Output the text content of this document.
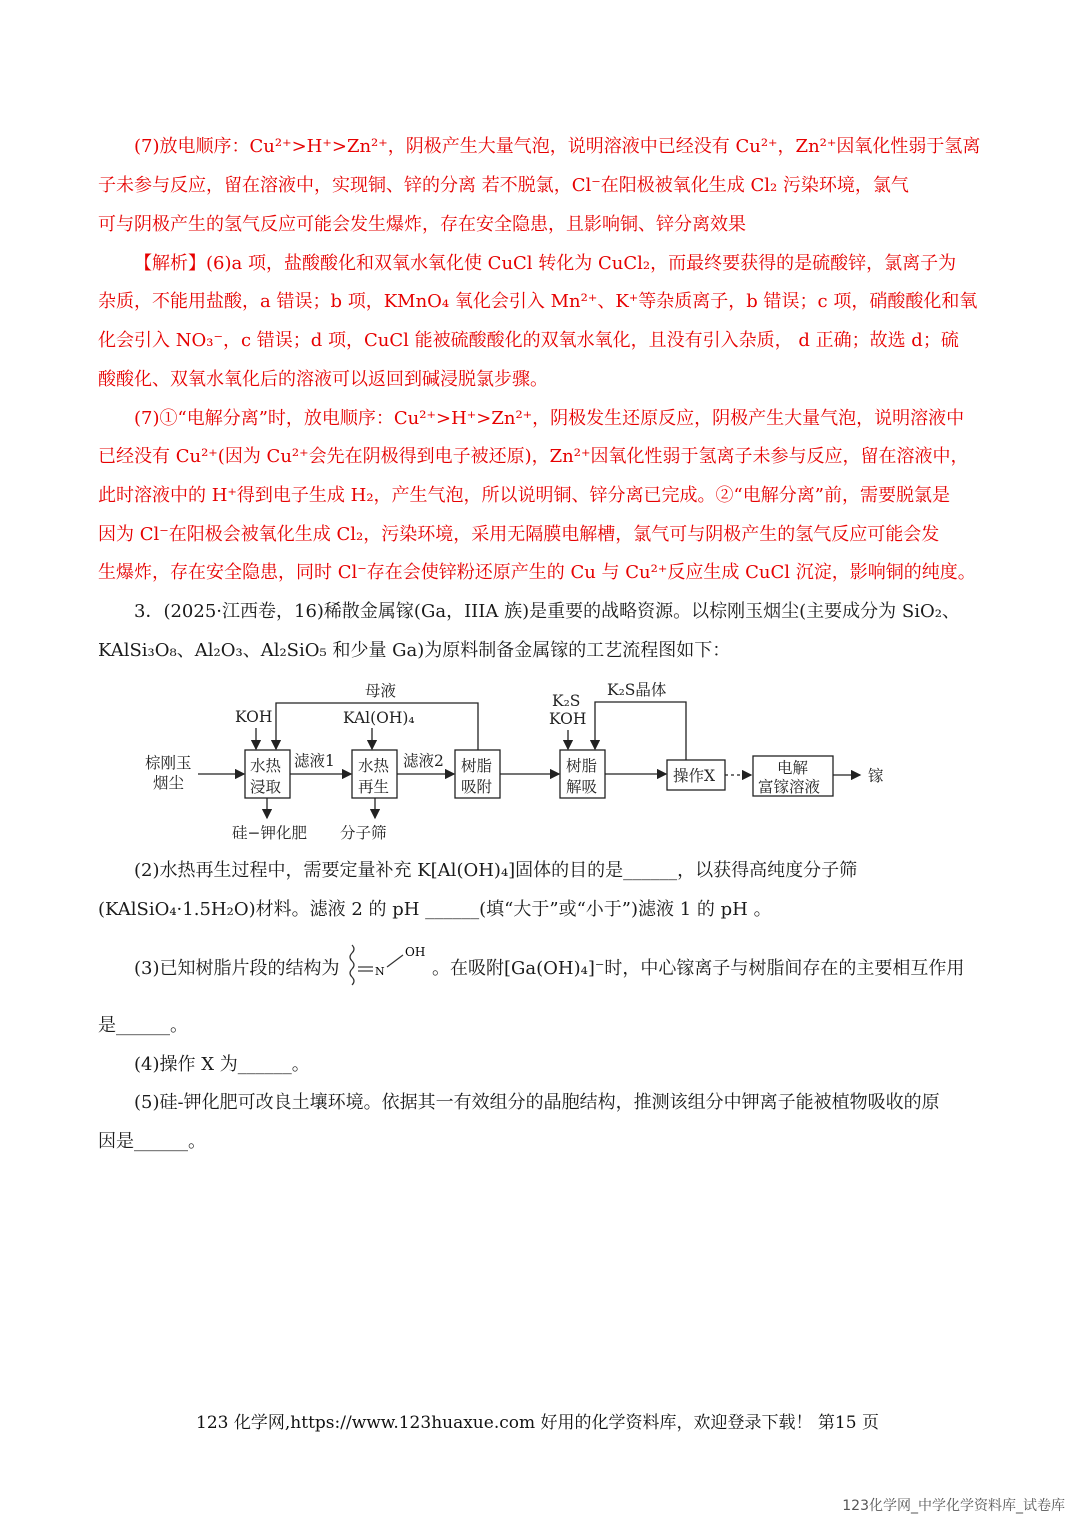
(7)放电顺序：Cu²⁺>H⁺>Zn²⁺，阴极产生大量气泡，说明溶液中已经没有 Cu²⁺，Zn²⁺因氧化性弱于氢离
子未参与反应，留在溶液中，实现铜、锌的分离 若不脱氯，Cl⁻在阳极被氧化生成 Cl₂ 污染环境，氯气
可与阴极产生的氢气反应可能会发生爆炸，存在安全隐患，且影响铜、锌分离效果
【解析】(6)a 项，盐酸酸化和双氧水氧化使 CuCl 转化为 CuCl₂，而最终要获得的是硫酸锌，氯离子为
杂质，不能用盐酸，a 错误；b 项，KMnO₄ 氧化会引入 Mn²⁺、K⁺等杂质离子，b 错误；c 项，硝酸酸化和氧
化会引入 NO₃⁻，c 错误；d 项，CuCl 能被硫酸酸化的双氧水氧化，且没有引入杂质， d 正确；故选 d；硫
酸酸化、双氧水氧化后的溶液可以返回到碱浸脱氯步骤。
(7)①“电解分离”时，放电顺序：Cu²⁺>H⁺>Zn²⁺，阴极发生还原反应，阴极产生大量气泡，说明溶液中
已经没有 Cu²⁺(因为 Cu²⁺会先在阴极得到电子被还原)，Zn²⁺因氧化性弱于氢离子未参与反应，留在溶液中，
此时溶液中的 H⁺得到电子生成 H₂，产生气泡，所以说明铜、锌分离已完成。②“电解分离”前，需要脱氯是
因为 Cl⁻在阳极会被氧化生成 Cl₂，污染环境，采用无隔膜电解槽，氯气可与阴极产生的氢气反应可能会发
生爆炸，存在安全隐患，同时 Cl⁻存在会使锌粉还原产生的 Cu 与 Cu²⁺反应生成 CuCl 沉淀，影响铜的纯度。
3．(2025·江西卷，16)稀散金属镓(Ga，IIIA 族)是重要的战略资源。以棕刚玉烟尘(主要成分为 SiO₂、
KAlSi₃O₈、Al₂O₃、Al₂SiO₅ 和少量 Ga)为原料制备金属镓的工艺流程图如下：
棕刚玉
烟尘
KOH
母液
KAl(OH)₄
K₂S
KOH
K₂S晶体
水热
浸取
滤液1 水热
再生
滤液2 树脂
吸附
树脂
解吸
操作X	电解
富镓溶液
镓
硅−钾化肥 分子筛
(2)水热再生过程中，需要定量补充 K[Al(OH)₄]固体的目的是______，以获得高纯度分子筛
(KAlSiO₄·1.5H₂O)材料。滤液 2 的 pH ______(填“大于”或“小于”)滤液 1 的 pH 。
(3)已知树脂片段的结构为	N
OH
。在吸附[Ga(OH)₄]⁻时，中心镓离子与树脂间存在的主要相互作用
是______。
(4)操作 X 为______。
(5)硅-钾化肥可改良土壤环境。依据其一有效组分的晶胞结构，推测该组分中钾离子能被植物吸收的原
因是______。
123 化学网,https://www.123huaxue.com 好用的化学资料库，欢迎登录下载！ 第15 页
123化学网_中学化学资料库_试卷库
